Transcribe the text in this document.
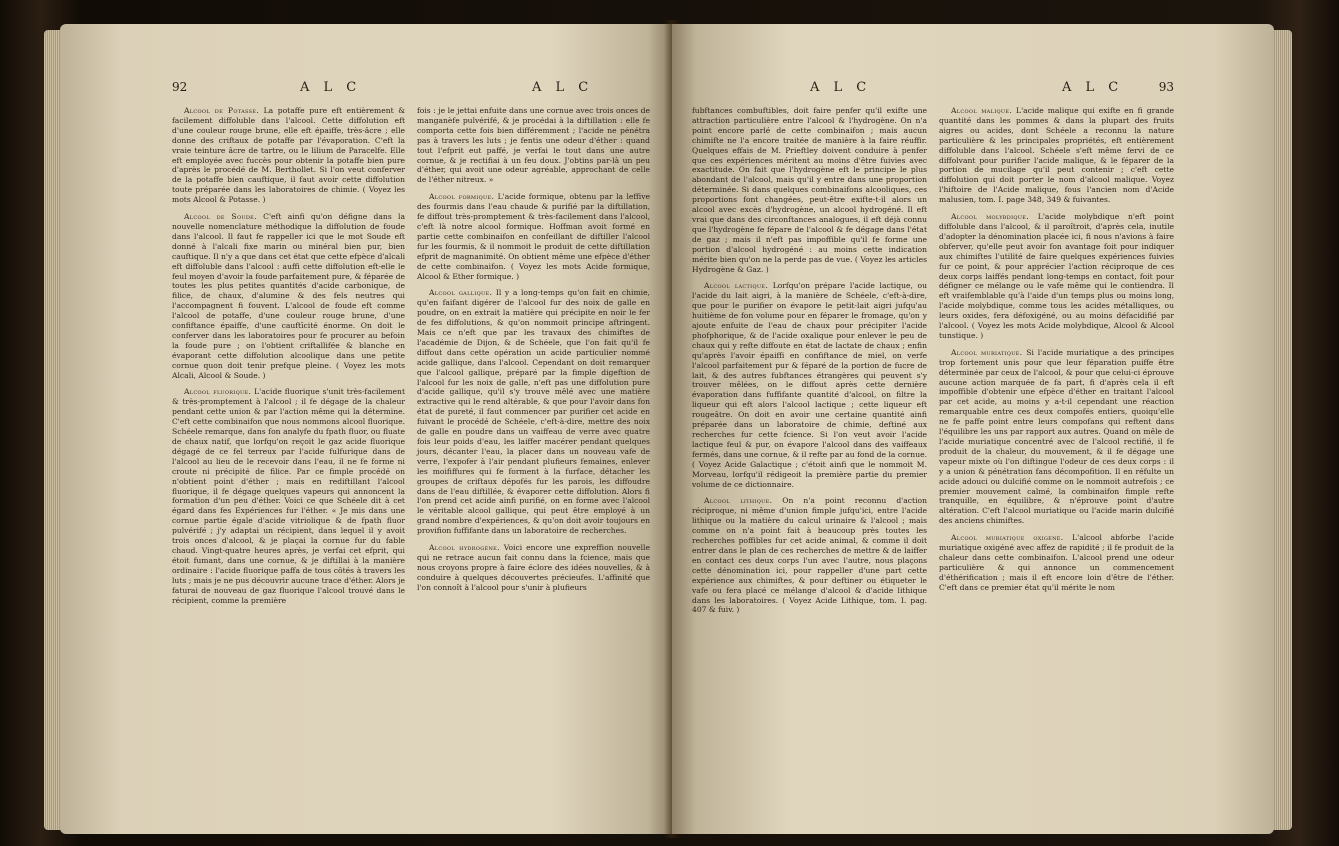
92	A L C	A L C

Alcool de Potasse. La potaffe pure eft entièrement & facilement diffoluble dans l'alcool. Cette diffolution eft d'une couleur rouge brune, elle eft épaiffe, très-âcre ; elle donne des criftaux de potaffe par l'évaporation. C'eft la vraie teinture âcre de tartre, ou le lilium de Paracelfe. Elle eft employée avec fuccès pour obtenir la potaffe bien pure d'après le procédé de M. Berthollet. Si l'on veut conferver de la potaffe bien cauftique, il faut avoir cette diffolution toute préparée dans les laboratoires de chimie. ( Voyez les mots Alcool & Potasse. )

Alcool de Soude. C'eft ainfi qu'on défigne dans la nouvelle nomenclature méthodique la diffolution de foude dans l'alcool. Il faut fe rappeller ici que le mot Soude eft donné à l'alcali fixe marin ou minéral bien pur, bien cauftique. Il n'y a que dans cet état que cette efpèce d'alcali eft diffoluble dans l'alcool : auffi cette diffolution eft-elle le feul moyen d'avoir la foude parfaitement pure, & féparée de toutes les plus petites quantités d'acide carbonique, de filice, de chaux, d'alumine & des fels neutres qui l'accompagnent fi fouvent. L'alcool de foude eft comme l'alcool de potaffe, d'une couleur rouge brune, d'une confiftance épaiffe, d'une cauftīcité énorme. On doit le conferver dans les laboratoires pour fe procurer au befoin la foude pure ; on l'obtient criftallifée & blanche en évaporant cette diffolution alcoolique dans une petite cornue quon doit tenir prefque pleine. ( Voyez les mots Alcali, Alcool & Soude. )

Alcool fluorique. L'acide fluorique s'unit très-facilement & très-promptement à l'alcool ; il fe dégage de la chaleur pendant cette union & par l'action même qui la détermine. C'eft cette combinaifon que nous nommons alcool fluorique. Schéele remarque, dans fon analyfe du fpath fluor, ou fluate de chaux natif, que lorfqu'on reçoit le gaz acide fluorique dégagé de ce fel terreux par l'acide fulfurique dans de l'alcool au lieu de le recevoir dans l'eau, il ne fe forme ni croute ni précipité de filice. Par ce fimple procédé on n'obtient point d'éther ; mais en rediftillant l'alcool fluorique, il fe dégage quelques vapeurs qui annoncent la formation d'un peu d'éther. Voici ce que Schéele dit à cet égard dans fes Expériences fur l'éther. « Je mis dans une cornue partie égale d'acide vitriolique & de fpath fluor pulvérifé ; j'y adaptai un récipient, dans lequel il y avoit trois onces d'alcool, & je plaçai la cornue fur du fable chaud. Vingt-quatre heures après, je verfai cet efprit, qui étoit fumant, dans une cornue, & je diftillai à la manière ordinaire : l'acide fluorique paffa de tous côtés à travers les luts ; mais je ne pus découvrir aucune trace d'éther. Alors je faturai de nouveau de gaz fluorique l'alcool trouvé dans le récipient, comme la première

fois : je le jettai enfuite dans une cornue avec trois onces de manganèfe pulvérifé, & je procédai à la diftillation : elle fe comporta cette fois bien différemment ; l'acide ne pénétra pas à travers les luts ; je fentis une odeur d'éther : quand tout l'efprit eut paffé, je verfai le tout dans une autre cornue, & je rectifiai à un feu doux. J'obtins par-là un peu d'éther, qui avoit une odeur agréable, approchant de celle de l'éther nitreux. »

Alcool formique. L'acide formique, obtenu par la leffive des fourmis dans l'eau chaude & purifié par la diftillation, fe diffout très-promptement & très-facilement dans l'alcool, c'eft là notre alcool formique. Hoffman avoit formé en partie cette combinaifon en confeillant de diftiller l'alcool fur les fourmis, & il nommoit le produit de cette diftillation efprit de magnanimité. On obtient même une efpèce d'éther de cette combinaifon. ( Voyez les mots Acide formique, Alcool & Ether formique. )

Alcool gallique. Il y a long-temps qu'on fait en chimie, qu'en faifant digérer de l'alcool fur des noix de galle en poudre, on en extrait la matière qui précipite en noir le fer de fes diffolutions, & qu'on nommoit principe aftringent. Mais ce n'eft que par les travaux des chimiftes de l'académie de Dijon, & de Schéele, que l'on fait qu'il fe diffout dans cette opération un acide particulier nommé acide gallique, dans l'alcool. Cependant on doit remarquer que l'alcool gallique, préparé par la fimple digeftion de l'alcool fur les noix de galle, n'eft pas une diffolution pure d'acide gallique, qu'il s'y trouve mêlé avec une matière extractive qui le rend altérable, & que pour l'avoir dans fon état de pureté, il faut commencer par purifier cet acide en fuivant le procédé de Schéele, c'eft-à-dire, mettre des noix de galle en poudre dans un vaiffeau de verre avec quatre fois leur poids d'eau, les laiffer macérer pendant quelques jours, décanter l'eau, la placer dans un nouveau vafe de verre, l'expofer à l'air pendant plufieurs femaines, enlever les moififfures qui fe forment à la furface, détacher les groupes de criftaux dépofés fur les parois, les diffoudre dans de l'eau diftillée, & évaporer cette diffolution. Alors fi l'on prend cet acide ainfi purifié, on en forme avec l'alcool le véritable alcool gallique, qui peut être employé à un grand nombre d'expériences, & qu'on doit avoir toujours en provifion fuffifante dans un laboratoire de recherches.

Alcool hydrogène. Voici encore une expreffion nouvelle qui ne retrace aucun fait connu dans la fcience, mais que nous croyons propre à faire éclore des idées nouvelles, & à conduire à quelques découvertes précieufes. L'affinité que l'on connoît à l'alcool pour s'unir à plufieurs

A L C	A L C	93

fubftances combuftibles, doit faire penfer qu'il exifte une attraction particulière entre l'alcool & l'hydrogène. On n'a point encore parlé de cette combinaifon ; mais aucun chimifte ne l'a encore traitée de manière à la faire réuffir. Quelques effais de M. Prieftley doivent conduire à penfer que ces expériences méritent au moins d'être fuivies avec exactitude. On fait que l'hydrogène eft le principe le plus abondant de l'alcool, mais qu'il y entre dans une proportion déterminée. Si dans quelques combinaifons alcooliques, ces proportions font changées, peut-être exifte-t-il alors un alcool avec excès d'hydrogène, un alcool hydrogéné. Il eft vrai que dans des circonftances analogues, il eft déjà connu que l'hydrogène fe fépare de l'alcool & fe dégage dans l'état de gaz ; mais il n'eft pas impoffible qu'il fe forme une portion d'alcool hydrogéné : au moins cette indication mérite bien qu'on ne la perde pas de vue. ( Voyez les articles Hydrogène & Gaz. )

Alcool lactique. Lorfqu'on prépare l'acide lactique, ou l'acide du lait aigri, à la manière de Schéele, c'eft-à-dire, que pour le purifier on évapore le petit-lait aigri jufqu'au huitième de fon volume pour en féparer le fromage, qu'on y ajoute enfuite de l'eau de chaux pour précipiter l'acide phofphorique, & de l'acide oxalique pour enlever le peu de chaux qui y refte diffoute en état de lactate de chaux ; enfin qu'après l'avoir épaiffi en confiftance de miel, on verfe l'alcool parfaitement pur & féparé de la portion de fucre de lait, & des autres fubftances étrangères qui peuvent s'y trouver mêlées, on le diffout après cette dernière évaporation dans fuffifante quantité d'alcool, on filtre la liqueur qui eft alors l'alcool lactique ; cette liqueur eft rougeâtre. On doit en avoir une certaine quantité ainfi préparée dans un laboratoire de chimie, deftiné aux recherches fur cette fcience. Si l'on veut avoir l'acide lactique feul & pur, on évapore l'alcool dans des vaiffeaux fermés, dans une cornue, & il refte par au fond de la cornue. ( Voyez Acide Galactique ; c'étoit ainfi que le nommoit M. Morveau, lorfqu'il rédigeoit la première partie du premier volume de ce dictionnaire.

Alcool lithique. On n'a point reconnu d'action réciproque, ni même d'union fimple jufqu'ici, entre l'acide lithique ou la matière du calcul urinaire & l'alcool ; mais comme on n'a point fait à beaucoup près toutes les recherches poffibles fur cet acide animal, & comme il doit entrer dans le plan de ces recherches de mettre & de laiffer en contact ces deux corps l'un avec l'autre, nous plaçons cette dénomination ici, pour rappeller d'une part cette expérience aux chimiftes, & pour deftiner ou étiqueter le vafe ou fera placé ce mélange d'alcool & d'acide lithique dans les laboratoires. ( Voyez Acide Lithique, tom. I. pag. 407 & fuiv. )

Alcool malique. L'acide malique qui exifte en fi grande quantité dans les pommes & dans la plupart des fruits aigres ou acides, dont Schéele a reconnu la nature particulière & les principales propriétés, eft entièrement diffoluble dans l'alcool. Schéele s'eft même fervi de ce diffolvant pour purifier l'acide malique, & le féparer de la portion de mucilage qu'il peut contenir ; c'eft cette diffolution qui doit porter le nom d'alcool malique. Voyez l'hiftoire de l'Acide malique, fous l'ancien nom d'Acide malusien, tom. I. page 348, 349 & fuivantes.

Alcool molybdique. L'acide molybdique n'eft point diffoluble dans l'alcool, & il paroîtroit, d'après cela, inutile d'adopter la dénomination placée ici, fi nous n'avions à faire obferver, qu'elle peut avoir fon avantage foit pour indiquer aux chimiftes l'utilité de faire quelques expériences fuivies fur ce point, & pour apprécier l'action réciproque de ces deux corps laiffés pendant long-temps en contact, foit pour défigner ce mélange ou le vafe même qui le contiendra. Il eft vraifemblable qu'à l'aide d'un temps plus ou moins long, l'acide molybdique, comme tous les acides métalliques, ou leurs oxides, fera défoxigéné, ou au moins défacidifié par l'alcool. ( Voyez les mots Acide molybdique, Alcool & Alcool tunstique. )

Alcool muriatique. Si l'acide muriatique a des principes trop fortement unis pour que leur féparation puiffe être déterminée par ceux de l'alcool, & pour que celui-ci éprouve aucune action marquée de fa part, fi d'après cela il eft impoffible d'obtenir une efpèce d'éther en traitant l'alcool par cet acide, au moins y a-t-il cependant une réaction remarquable entre ces deux compofés entiers, quoiqu'elle ne fe paffe point entre leurs compofans qui reftent dans l'équilibre les uns par rapport aux autres. Quand on mêle de l'acide muriatique concentré avec de l'alcool rectifié, il fe produit de la chaleur, du mouvement, & il fe dégage une vapeur mixte où l'on diftingue l'odeur de ces deux corps : il y a union & pénétration fans décompofition. Il en réfulte un acide adouci ou dulcifié comme on le nommoit autrefois ; ce premier mouvement calmé, la combinaifon fimple refte tranquille, en équilibre, & n'éprouve point d'autre altération. C'eft l'alcool muriatique ou l'acide marin dulcifié des anciens chimiftes.

Alcool muriatique oxigéné. L'alcool abforbe l'acide muriatique oxigéné avec affez de rapidité ; il fe produit de la chaleur dans cette combinaifon. L'alcool prend une odeur particulière & qui annonce un commencement d'éthérification ; mais il eft encore loin d'être de l'éther. C'eft dans ce premier état qu'il mérite le nom
